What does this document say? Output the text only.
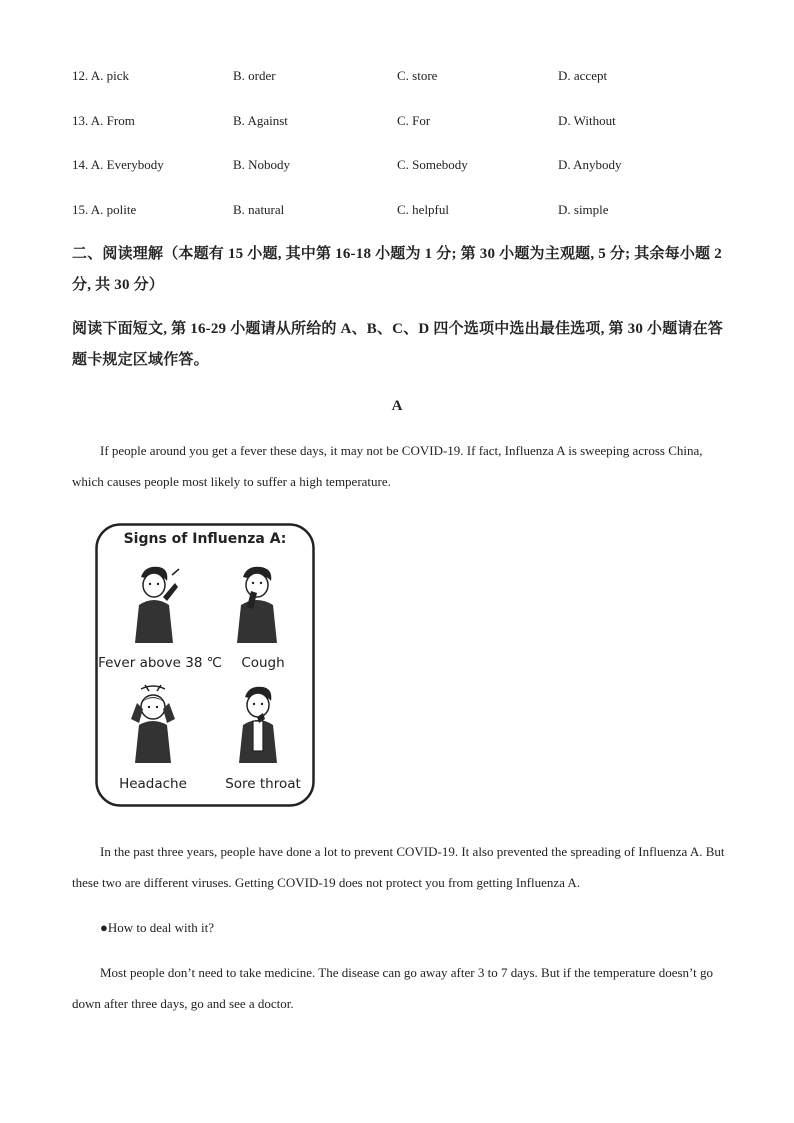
12. A. pick	B. order	C. store	D. accept
13. A. From	B. Against	C. For	D. Without
14. A. Everybody	B. Nobody	C. Somebody	D. Anybody
15. A. polite	B. natural	C. helpful	D. simple
二、阅读理解（本题有 15 小题, 其中第 16-18 小题为 1 分; 第 30 小题为主观题, 5 分; 其余每小题 2 分, 共 30 分）
阅读下面短文, 第 16-29 小题请从所给的 A、B、C、D 四个选项中选出最佳选项, 第 30 小题请在答题卡规定区域作答。
A
If people around you get a fever these days, it may not be COVID-19. If fact, Influenza A is sweeping across China, which causes people most likely to suffer a high temperature.
Signs of Influenza A:
Fever above 38 ℃	Cough
Headache	Sore throat
In the past three years, people have done a lot to prevent COVID-19. It also prevented the spreading of Influenza A. But these two are different viruses. Getting COVID-19 does not protect you from getting Influenza A.
●How to deal with it?
Most people don’t need to take medicine. The disease can go away after 3 to 7 days. But if the temperature doesn’t go down after three days, go and see a doctor.
